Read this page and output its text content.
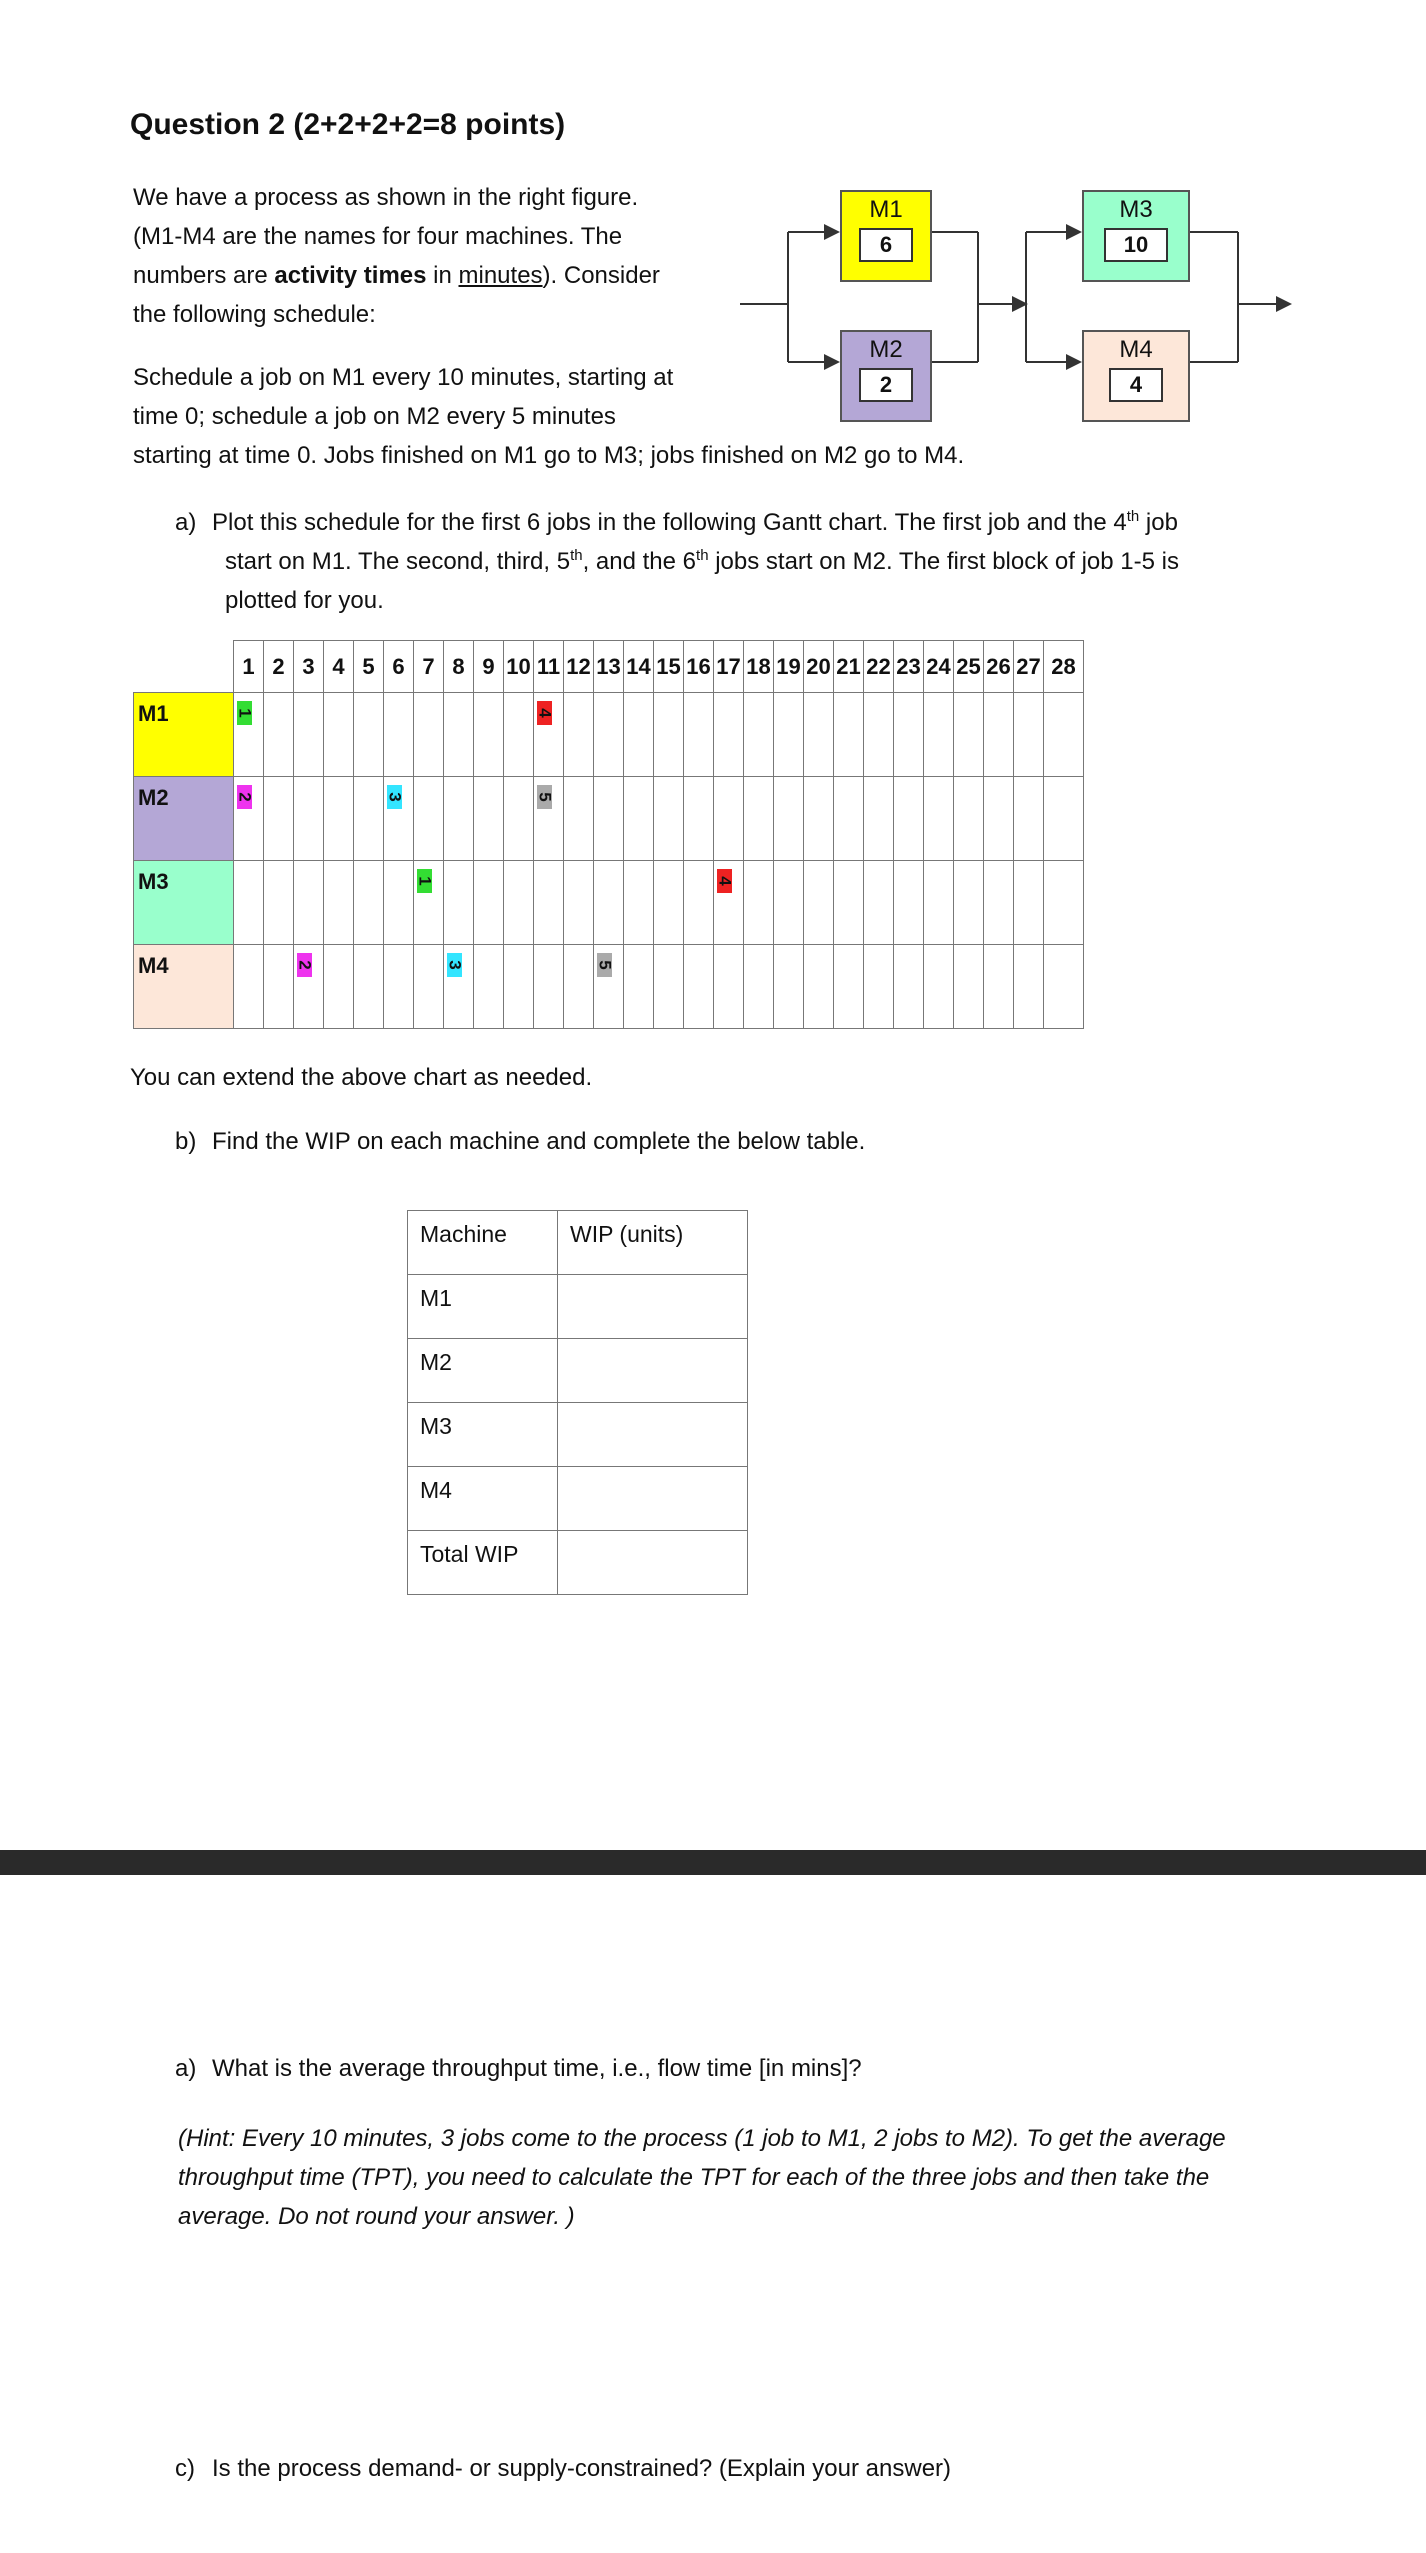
Question 2 (2+2+2+2=8 points)
We have a process as shown in the right figure.
(M1-M4 are the names for four machines. The
numbers are activity times in minutes). Consider
the following schedule:
Schedule a job on M1 every 10 minutes, starting at
time 0; schedule a job on M2 every 5 minutes
starting at time 0. Jobs finished on M1 go to M3; jobs finished on M2 go to M4.
M1
6
M2
2
M3
10
M4
4
a) Plot this schedule for the first 6 jobs in the following Gantt chart. The first job and the 4th job
start on M1. The second, third, 5th, and the 6th jobs start on M2. The first block of job 1-5 is
plotted for you.
	1	2	3	4	5	6	7	8	9	10	11	12	13	14	15	16	17	18	19	20	21	22	23	24	25	26	27	28
M1	1										4																	
M2	2					3					5																	
M3							1										4											
M4			2					3					5															
You can extend the above chart as needed.
b) Find the WIP on each machine and complete the below table.
Machine	WIP (units)
M1	
M2	
M3	
M4	
Total WIP	
a) What is the average throughput time, i.e., flow time [in mins]?
(Hint: Every 10 minutes, 3 jobs come to the process (1 job to M1, 2 jobs to M2). To get the average
throughput time (TPT), you need to calculate the TPT for each of the three jobs and then take the
average. Do not round your answer. )
c) Is the process demand- or supply-constrained? (Explain your answer)
